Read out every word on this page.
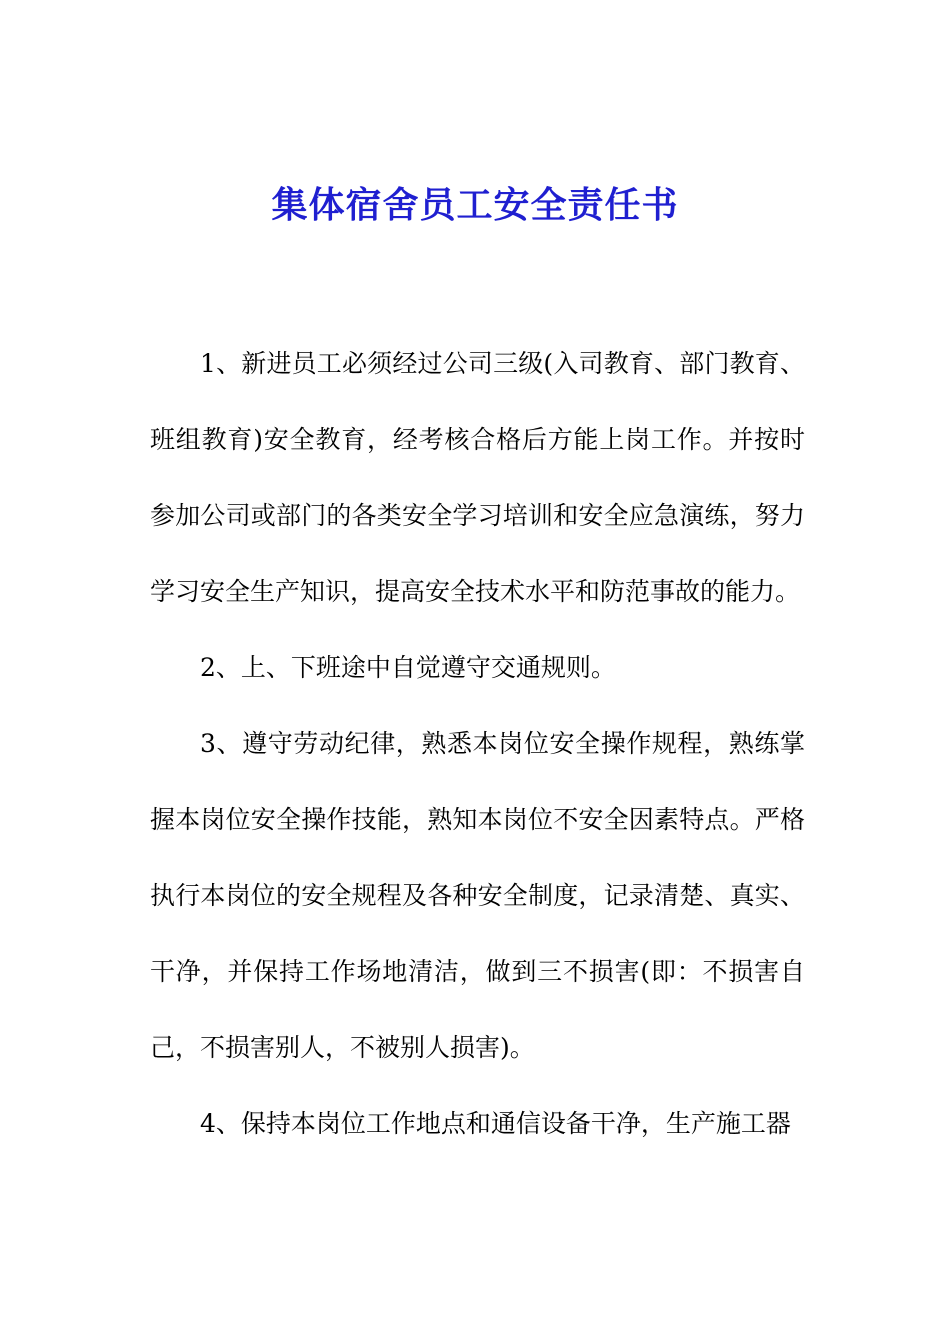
集体宿舍员工安全责任书

1、新进员工必须经过公司三级(入司教育、部门教育、班组教育)安全教育，经考核合格后方能上岗工作。并按时参加公司或部门的各类安全学习培训和安全应急演练，努力学习安全生产知识，提高安全技术水平和防范事故的能力。

2、上、下班途中自觉遵守交通规则。

3、遵守劳动纪律，熟悉本岗位安全操作规程，熟练掌握本岗位安全操作技能，熟知本岗位不安全因素特点。严格执行本岗位的安全规程及各种安全制度，记录清楚、真实、干净，并保持工作场地清洁，做到三不损害(即：不损害自己，不损害别人，不被别人损害)。

4、保持本岗位工作地点和通信设备干净，生产施工器
